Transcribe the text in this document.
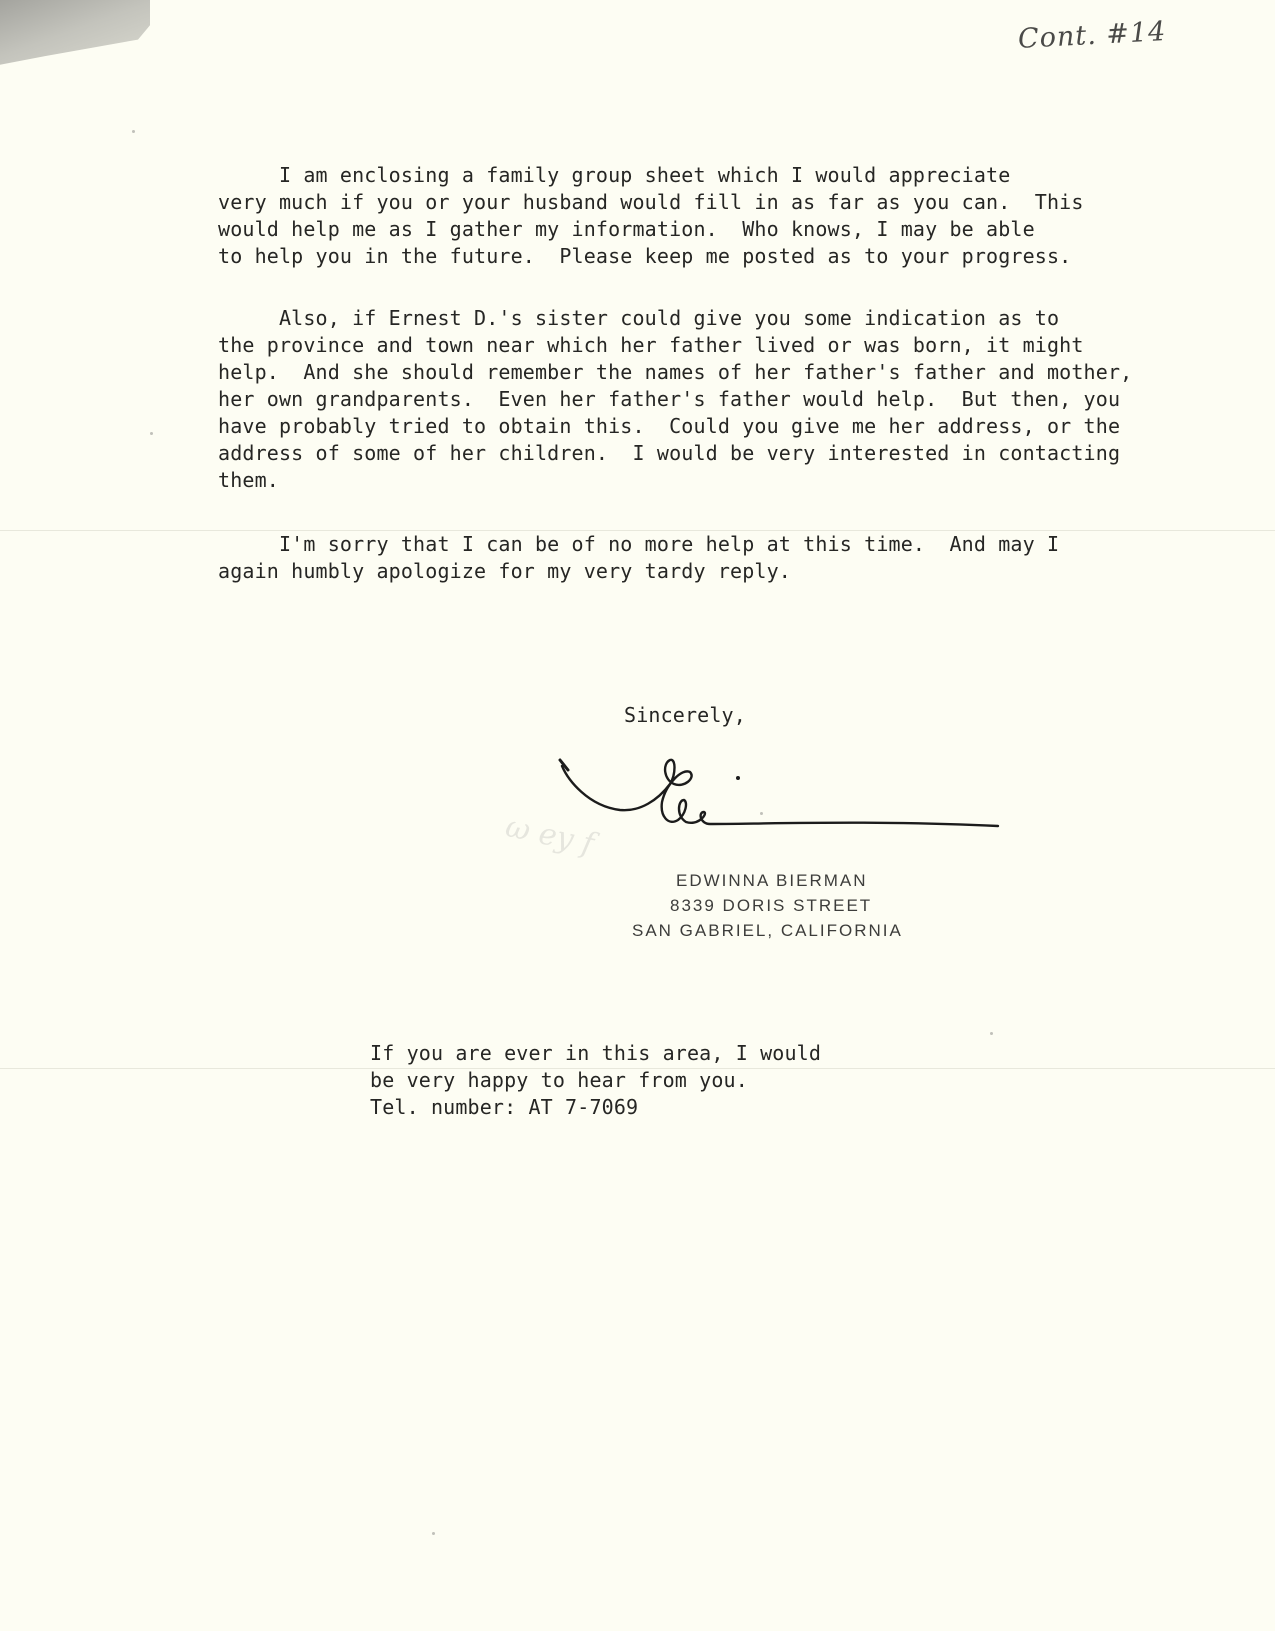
Cont. #14
I am enclosing a family group sheet which I would appreciate
very much if you or your husband would fill in as far as you can.  This
would help me as I gather my information.  Who knows, I may be able
to help you in the future.  Please keep me posted as to your progress.
Also, if Ernest D.'s sister could give you some indication as to
the province and town near which her father lived or was born, it might
help.  And she should remember the names of her father's father and mother,
her own grandparents.  Even her father's father would help.  But then, you
have probably tried to obtain this.  Could you give me her address, or the
address of some of her children.  I would be very interested in contacting
them.
I'm sorry that I can be of no more help at this time.  And may I
again humbly apologize for my very tardy reply.
Sincerely,
ω ey f
EDWINNA BIERMAN
8339 DORIS STREET
SAN GABRIEL, CALIFORNIA
If you are ever in this area, I would
be very happy to hear from you.
Tel. number: AT 7-7069
